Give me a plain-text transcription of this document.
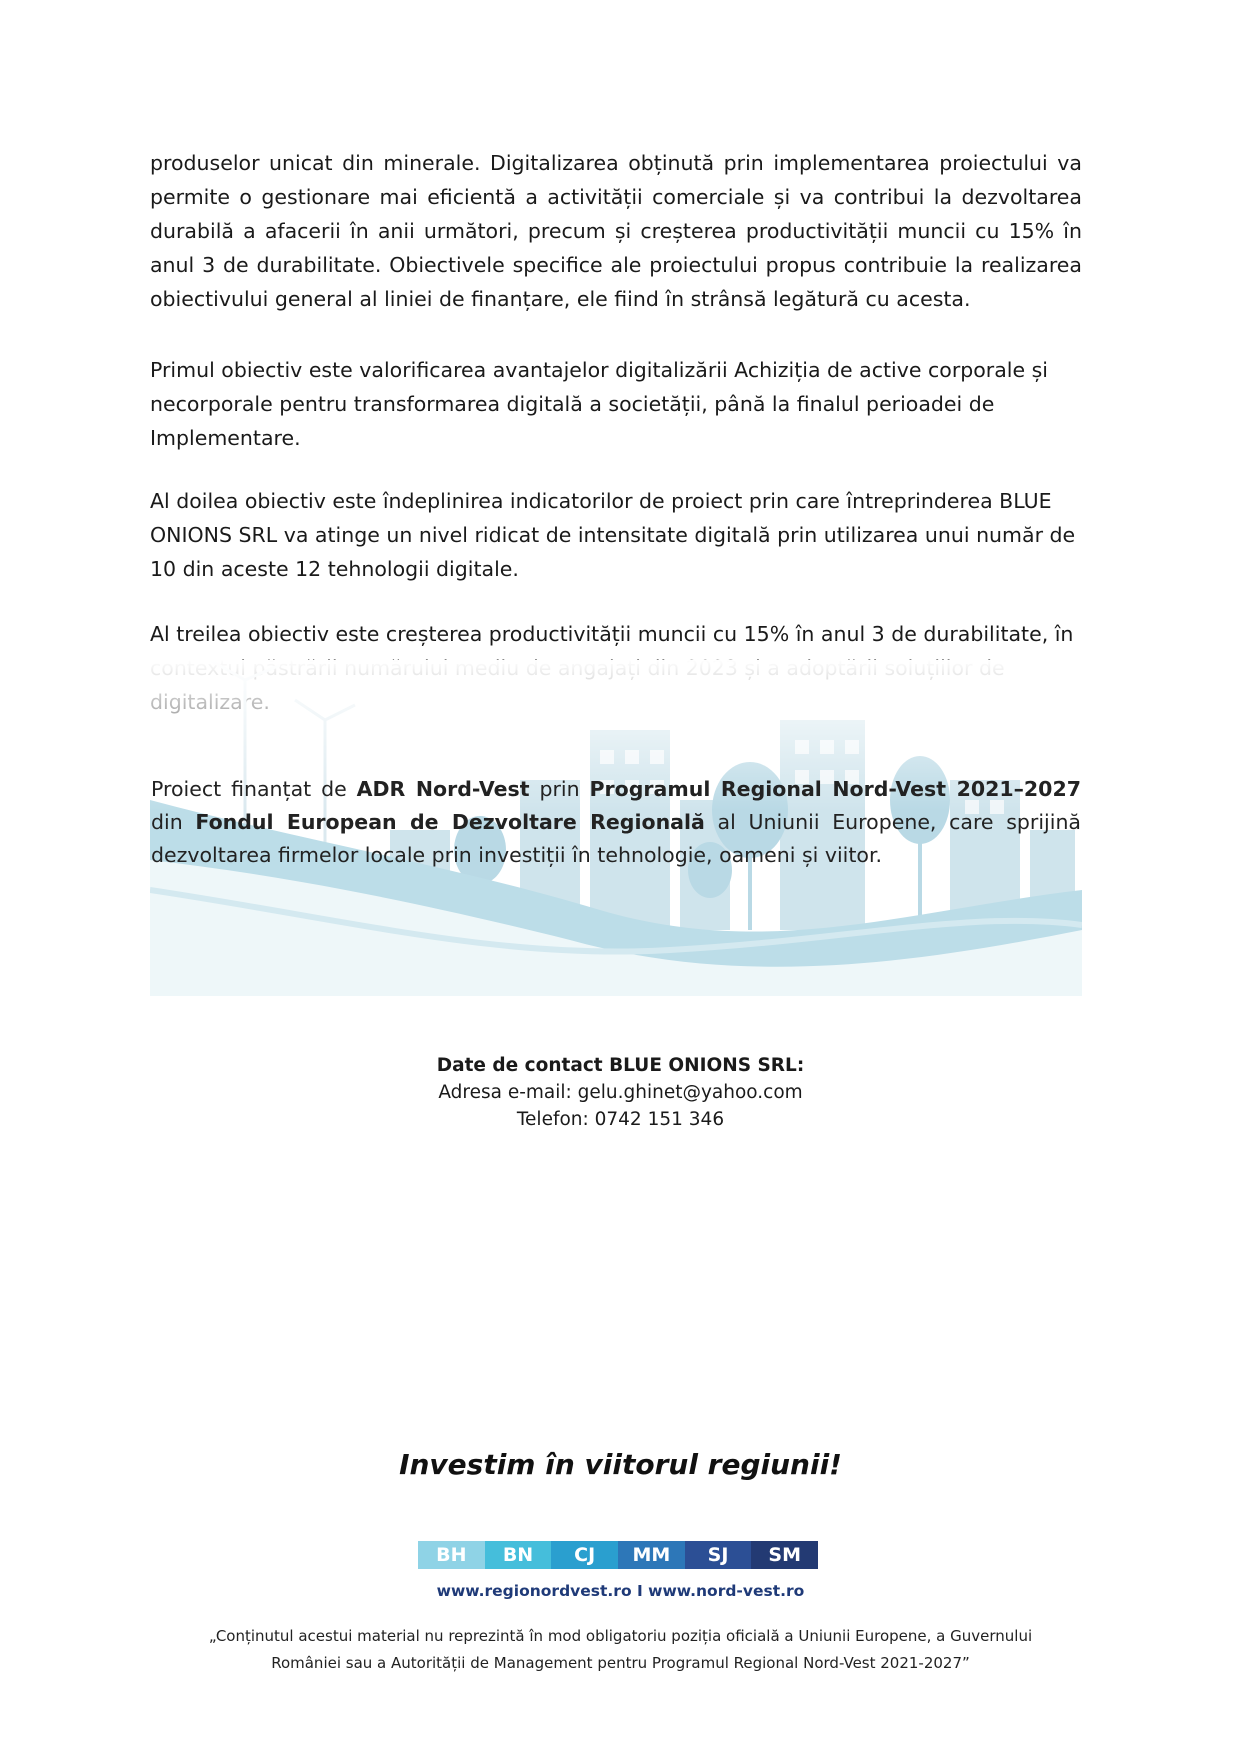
produselor unicat din minerale. Digitalizarea obținută prin implementarea proiectului va permite o gestionare mai eficientă a activității comerciale și va contribui la dezvoltarea durabilă a afacerii în anii următori, precum și creșterea productivității muncii cu 15% în anul 3 de durabilitate. Obiectivele specifice ale proiectului propus contribuie la realizarea obiectivului general al liniei de finanțare, ele fiind în strânsă legătură cu acesta.

Primul obiectiv este valorificarea avantajelor digitalizării Achiziția de active corporale și necorporale pentru transformarea digitală a societății, până la finalul perioadei de Implementare.

Al doilea obiectiv este îndeplinirea indicatorilor de proiect prin care întreprinderea BLUE ONIONS SRL va atinge un nivel ridicat de intensitate digitală prin utilizarea unui număr de 10 din aceste 12 tehnologii digitale.

Al treilea obiectiv este creșterea productivității muncii cu 15% în anul 3 de durabilitate, în

Proiect finanțat de ADR Nord-Vest prin Programul Regional Nord-Vest 2021–2027 din Fondul European de Dezvoltare Regională al Uniunii Europene, care sprijină dezvoltarea firmelor locale prin investiții în tehnologie, oameni și viitor.

Date de contact BLUE ONIONS SRL:
Adresa e-mail: gelu.ghinet@yahoo.com
Telefon: 0742 151 346
Investim în viitorul regiunii!
BH	BN	CJ	MM	SJ	SM
www.regionordvest.ro I www.nord-vest.ro
„Conținutul acestui material nu reprezintă în mod obligatoriu poziția oficială a Uniunii Europene, a Guvernului
României sau a Autorității de Management pentru Programul Regional Nord-Vest 2021-2027”
